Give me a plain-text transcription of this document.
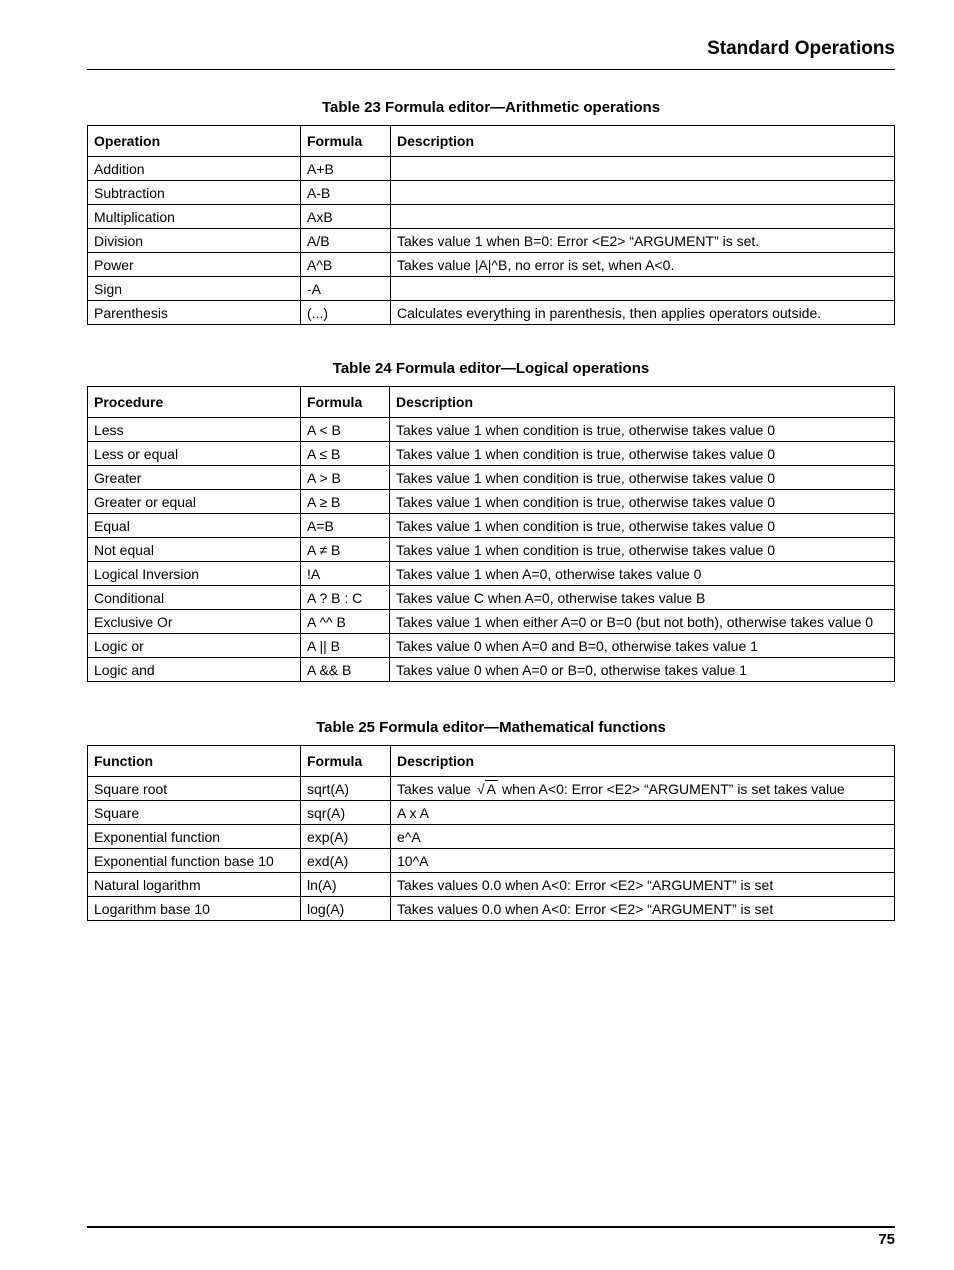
Standard Operations
Table 23 Formula editor—Arithmetic operations
Operation	Formula	Description
Addition	A+B	
Subtraction	A-B	
Multiplication	AxB	
Division	A/B	Takes value 1 when B=0: Error <E2> “ARGUMENT” is set.
Power	A^B	Takes value |A|^B, no error is set, when A<0.
Sign	-A	
Parenthesis	(...)	Calculates everything in parenthesis, then applies operators outside.
Table 24 Formula editor—Logical operations
Procedure	Formula	Description
Less	A < B	Takes value 1 when condition is true, otherwise takes value 0
Less or equal	A ≤ B	Takes value 1 when condition is true, otherwise takes value 0
Greater	A > B	Takes value 1 when condition is true, otherwise takes value 0
Greater or equal	A ≥ B	Takes value 1 when condition is true, otherwise takes value 0
Equal	A=B	Takes value 1 when condition is true, otherwise takes value 0
Not equal	A ≠ B	Takes value 1 when condition is true, otherwise takes value 0
Logical Inversion	!A	Takes value 1 when A=0, otherwise takes value 0
Conditional	A ? B : C	Takes value C when A=0, otherwise takes value B
Exclusive Or	A ^^ B	Takes value 1 when either A=0 or B=0 (but not both), otherwise takes value 0
Logic or	A || B	Takes value 0 when A=0 and B=0, otherwise takes value 1
Logic and	A && B	Takes value 0 when A=0 or B=0, otherwise takes value 1
Table 25 Formula editor—Mathematical functions
Function	Formula	Description
Square root	sqrt(A)	Takes value √ A when A<0: Error <E2> “ARGUMENT” is set takes value
Square	sqr(A)	A x A
Exponential function	exp(A)	e^A
Exponential function base 10	exd(A)	10^A
Natural logarithm	ln(A)	Takes values 0.0 when A<0: Error <E2> “ARGUMENT” is set
Logarithm base 10	log(A)	Takes values 0.0 when A<0: Error <E2> “ARGUMENT” is set
75
